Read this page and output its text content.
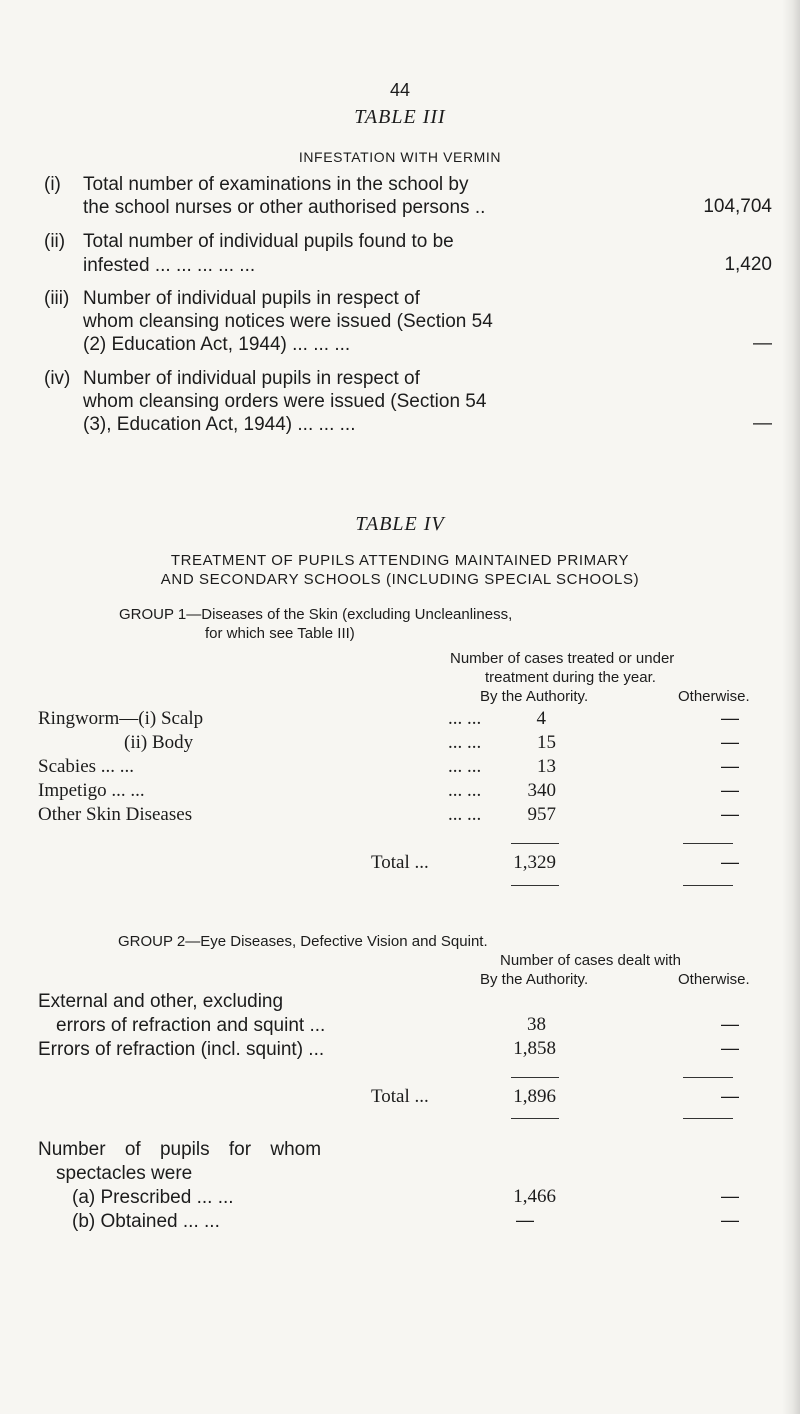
44
TABLE III
INFESTATION WITH VERMIN
(i) Total number of examinations in the school by
the school nurses or other authorised persons ..	104,704
(ii) Total number of individual pupils found to be
infested ... ... ... ... ...	1,420
(iii) Number of individual pupils in respect of
whom cleansing notices were issued (Section 54
(2) Education Act, 1944) ... ... ...	—
(iv) Number of individual pupils in respect of
whom cleansing orders were issued (Section 54
(3), Education Act, 1944) ... ... ...	—
TABLE IV
TREATMENT OF PUPILS ATTENDING MAINTAINED PRIMARY
AND SECONDARY SCHOOLS (INCLUDING SPECIAL SCHOOLS)
GROUP 1—Diseases of the Skin (excluding Uncleanliness,
for which see Table III)
Number of cases treated or under
treatment during the year.
By the Authority.	Otherwise.
Ringworm—(i) Scalp	... ...	4	—
(ii) Body	... ...	15	—
Scabies ... ...	... ...	13	—
Impetigo ... ...	... ...	340	—
Other Skin Diseases	... ...	957	—
Total ...	1,329	—
GROUP 2—Eye Diseases, Defective Vision and Squint.
Number of cases dealt with
By the Authority.	Otherwise.
External and other, excluding
errors of refraction and squint ...	38	—
Errors of refraction (incl. squint) ...	1,858	—
Total ...	1,896	—
Number of pupils for whom
spectacles were
(a) Prescribed ... ...	1,466	—
(b) Obtained ... ...	—	—
